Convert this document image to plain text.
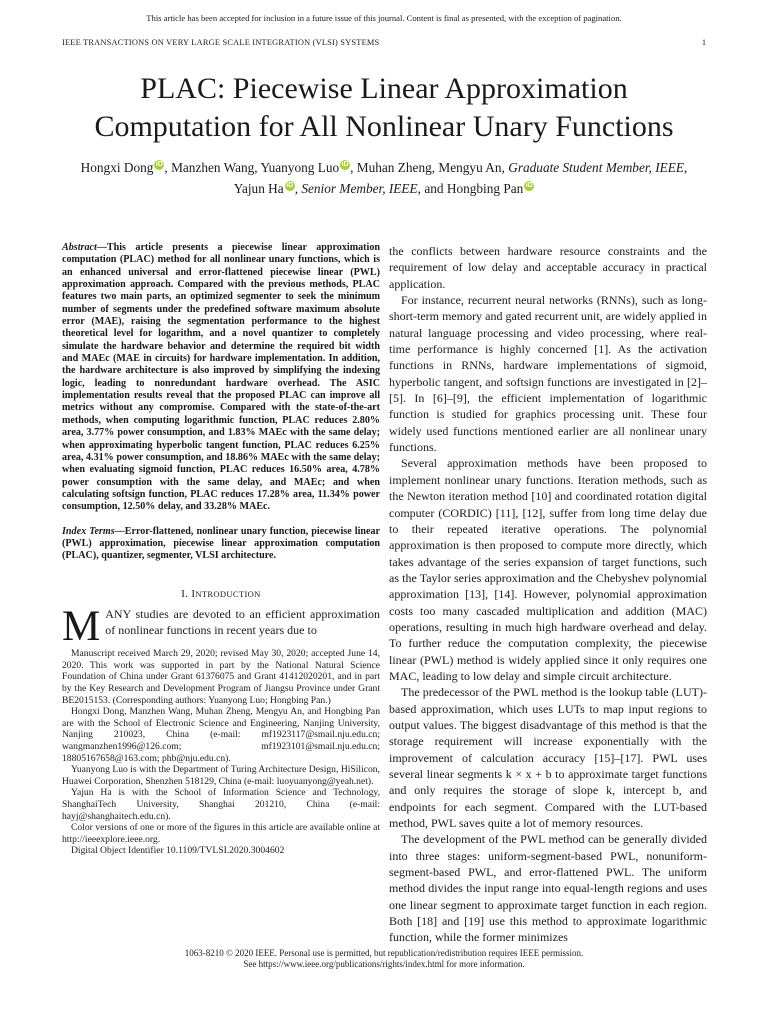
This article has been accepted for inclusion in a future issue of this journal. Content is final as presented, with the exception of pagination.
IEEE TRANSACTIONS ON VERY LARGE SCALE INTEGRATION (VLSI) SYSTEMS	1
PLAC: Piecewise Linear Approximation
Computation for All Nonlinear Unary Functions
Hongxi Dong iD , Manzhen Wang, Yuanyong Luo iD , Muhan Zheng, Mengyu An, Graduate Student Member, IEEE,
Yajun Ha iD , Senior Member, IEEE, and Hongbing Pan iD

Abstract—This article presents a piecewise linear approximation computation (PLAC) method for all nonlinear unary functions, which is an enhanced universal and error-flattened piecewise linear (PWL) approximation approach. Compared with the previous methods, PLAC features two main parts, an optimized segmenter to seek the minimum number of segments under the predefined software maximum absolute error (MAE), raising the segmentation performance to the highest theoretical level for logarithm, and a novel quantizer to completely simulate the hardware behavior and determine the required bit width and MAEc (MAE in circuits) for hardware implementation. In addition, the hardware architecture is also improved by simplifying the indexing logic, leading to nonredundant hardware overhead. The ASIC implementation results reveal that the proposed PLAC can improve all metrics without any compromise. Compared with the state-of-the-art methods, when computing logarithmic function, PLAC reduces 2.80% area, 3.77% power consumption, and 1.83% MAEc with the same delay; when approximating hyperbolic tangent function, PLAC reduces 6.25% area, 4.31% power consumption, and 18.86% MAEc with the same delay; when evaluating sigmoid function, PLAC reduces 16.50% area, 4.78% power consumption with the same delay, and MAEc; and when calculating softsign function, PLAC reduces 17.28% area, 11.34% power consumption, 12.50% delay, and 33.28% MAEc.

Index Terms—Error-flattened, nonlinear unary function, piecewise linear (PWL) approximation, piecewise linear approximation computation (PLAC), quantizer, segmenter, VLSI architecture.

I. INTRODUCTION

MANY studies are devoted to an efficient approximation of nonlinear functions in recent years due to

Manuscript received March 29, 2020; revised May 30, 2020; accepted June 14, 2020. This work was supported in part by the National Natural Science Foundation of China under Grant 61376075 and Grant 41412020201, and in part by the Key Research and Development Program of Jiangsu Province under Grant BE2015153. (Corresponding authors: Yuanyong Luo; Hongbing Pan.)

Hongxi Dong, Manzhen Wang, Muhan Zheng, Mengyu An, and Hongbing Pan are with the School of Electronic Science and Engineering, Nanjing University, Nanjing 210023, China (e-mail: mf1923117@smail.nju.edu.cn; wangmanzhen1996@126.com; mf1923101@smail.nju.edu.cn; 18805167658@163.com; phb@nju.edu.cn).

Yuanyong Luo is with the Department of Turing Architecture Design, HiSilicon, Huawei Corporation, Shenzhen 518129, China (e-mail: luoyuanyong@yeah.net).

Yajun Ha is with the School of Information Science and Technology, ShanghaiTech University, Shanghai 201210, China (e-mail: hayj@shanghaitech.edu.cn).

Color versions of one or more of the figures in this article are available online at http://ieeexplore.ieee.org.

Digital Object Identifier 10.1109/TVLSI.2020.3004602

the conflicts between hardware resource constraints and the requirement of low delay and acceptable accuracy in practical application.

For instance, recurrent neural networks (RNNs), such as long-short-term memory and gated recurrent unit, are widely applied in natural language processing and video processing, where real-time performance is highly concerned [1]. As the activation functions in RNNs, hardware implementations of sigmoid, hyperbolic tangent, and softsign functions are investigated in [2]–[5]. In [6]–[9], the efficient implementation of logarithmic function is studied for graphics processing unit. These four widely used functions mentioned earlier are all nonlinear unary functions.

Several approximation methods have been proposed to implement nonlinear unary functions. Iteration methods, such as the Newton iteration method [10] and coordinated rotation digital computer (CORDIC) [11], [12], suffer from long time delay due to their repeated iterative operations. The polynomial approximation is then proposed to compute more directly, which takes advantage of the series expansion of target functions, such as the Taylor series approximation and the Chebyshev polynomial approximation [13], [14]. However, polynomial approximation costs too many cascaded multiplication and addition (MAC) operations, resulting in much high hardware overhead and delay. To further reduce the computation complexity, the piecewise linear (PWL) method is widely applied since it only requires one MAC, leading to low delay and simple circuit architecture.

The predecessor of the PWL method is the lookup table (LUT)-based approximation, which uses LUTs to map input regions to output values. The biggest disadvantage of this method is that the storage requirement will increase exponentially with the improvement of calculation accuracy [15]–[17]. PWL uses several linear segments k × x + b to approximate target functions and only requires the storage of slope k, intercept b, and endpoints for each segment. Compared with the LUT-based method, PWL saves quite a lot of memory resources.

The development of the PWL method can be generally divided into three stages: uniform-segment-based PWL, nonuniform-segment-based PWL, and error-flattened PWL. The uniform method divides the input range into equal-length regions and uses one linear segment to approximate target function in each region. Both [18] and [19] use this method to approximate logarithmic function, while the former minimizes

1063-8210 © 2020 IEEE. Personal use is permitted, but republication/redistribution requires IEEE permission.
See https://www.ieee.org/publications/rights/index.html for more information.
